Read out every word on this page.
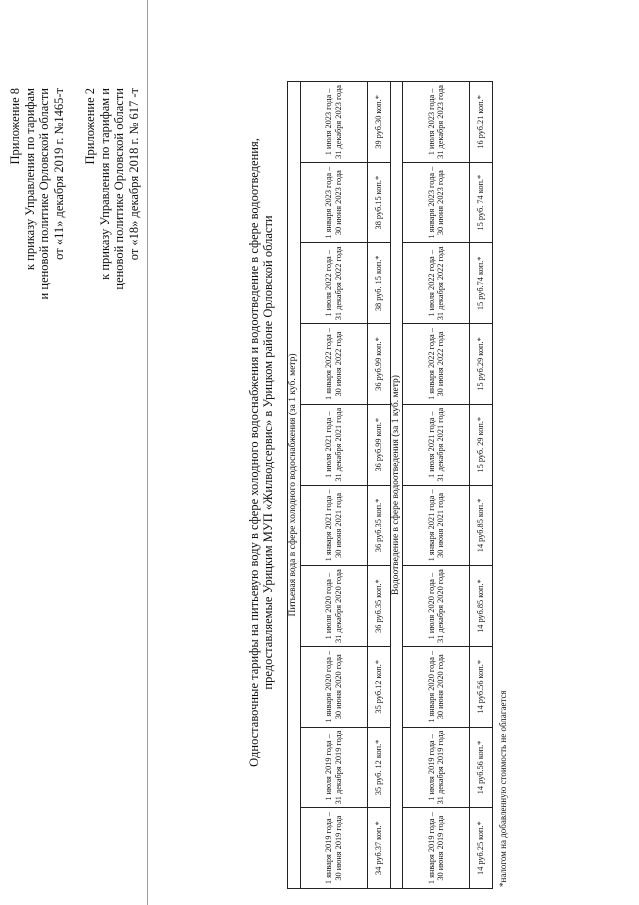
Приложение 8 к приказу Управления по тарифам и ценовой политике Орловской области от «11» декабря 2019 г. №1465-т Приложение 2 к приказу Управления по тарифам и ценовой политике Орловской области от «18» декабря 2018 г. № 617 -т	Одноставочные тарифы на питьевую воду в сфере холодного водоснабжения и водоотведение в сфере водоотведения, предоставляемые Урицким МУП «Жилводсервис» в Урицком районе Орловской области Питьевая вода в сфере холодного водоснабжения (за 1 куб. метр)									
1 января 2019 года – 30 июня 2019 года	1 июля 2019 года – 31 декабря 2019 года	1 января 2020 года – 30 июня 2020 года	1 июля 2020 года – 31 декабря 2020 года	1 января 2021 года – 30 июня 2021 года	1 июля 2021 года – 31 декабря 2021 года	1 января 2022 года – 30 июня 2022 года	1 июля 2022 года – 31 декабря 2022 года	1 января 2023 года – 30 июня 2023 года	1 июля 2023 года – 31 декабря 2023 года
34 руб.37 коп.*	35 руб. 12 коп.*	35 руб.12 коп.*	36 руб.35 коп.*	36 руб.35 коп.*	36 руб.99 коп.*	36 руб.99 коп.*	38 руб. 15 коп.*	38 руб.15 коп.*	39 руб.30 коп.*
Водоотведение в сфере водоотведения (за 1 куб. метр)									
1 января 2019 года – 30 июня 2019 года	1 июля 2019 года – 31 декабря 2019 года	1 января 2020 года – 30 июня 2020 года	1 июля 2020 года – 31 декабря 2020 года	1 января 2021 года – 30 июня 2021 года	1 июля 2021 года – 31 декабря 2021 года	1 января 2022 года – 30 июня 2022 года	1 июля 2022 года – 31 декабря 2022 года	1 января 2023 года – 30 июня 2023 года	1 июля 2023 года – 31 декабря 2023 года
14 руб.25 коп.*	14 руб.56 коп.*	14 руб.56 коп.*	14 руб.85 коп.*	14 руб.85 коп.*	15 руб. 29 коп.*	15 руб.29 коп.*	15 руб.74 коп.*	15 руб. 74 коп.*	16 руб.21 коп.*
*налогом на добавленную стоимость не облагается
